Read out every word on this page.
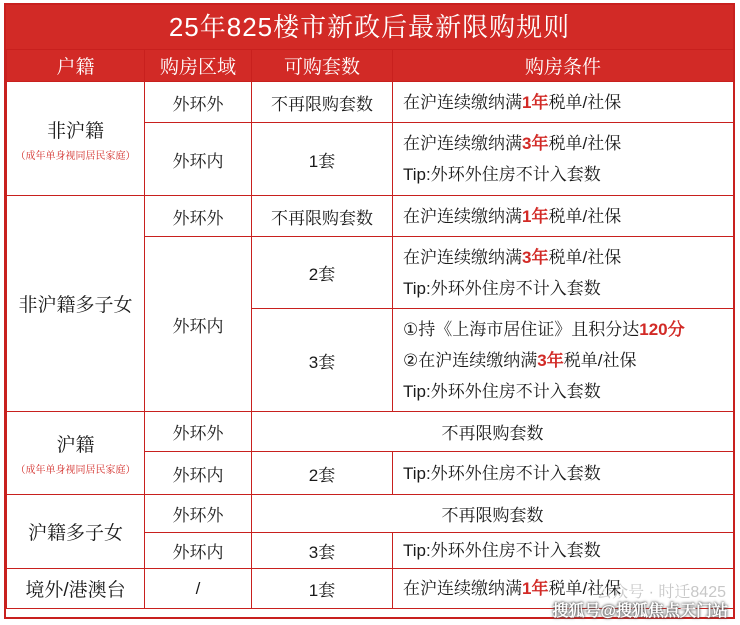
25年825楼市新政后最新限购规则
户籍	购房区域	可购套数	购房条件
非沪籍
（成年单身视同居民家庭）	外环外	不再限购套数	在沪连续缴纳满1年税单/社保
	外环内	1套	在沪连续缴纳满3年税单/社保
Tip:外环外住房不计入套数

非沪籍多子女	外环外	不再限购套数	在沪连续缴纳满1年税单/社保
	外环内	2套	在沪连续缴纳满3年税单/社保
Tip:外环外住房不计入套数

		3套	①持《上海市居住证》且积分达120分
②在沪连续缴纳满3年税单/社保
Tip:外环外住房不计入套数

沪籍
（成年单身视同居民家庭）	外环外	不再限购套数	
	外环内	2套	Tip:外环外住房不计入套数
沪籍多子女	外环外	不再限购套数	
	外环内	3套	Tip:外环外住房不计入套数
境外/港澳台	/	1套	在沪连续缴纳满1年税单/社保
公众号 · 时迁8425
搜狐号@搜狐焦点天门站
